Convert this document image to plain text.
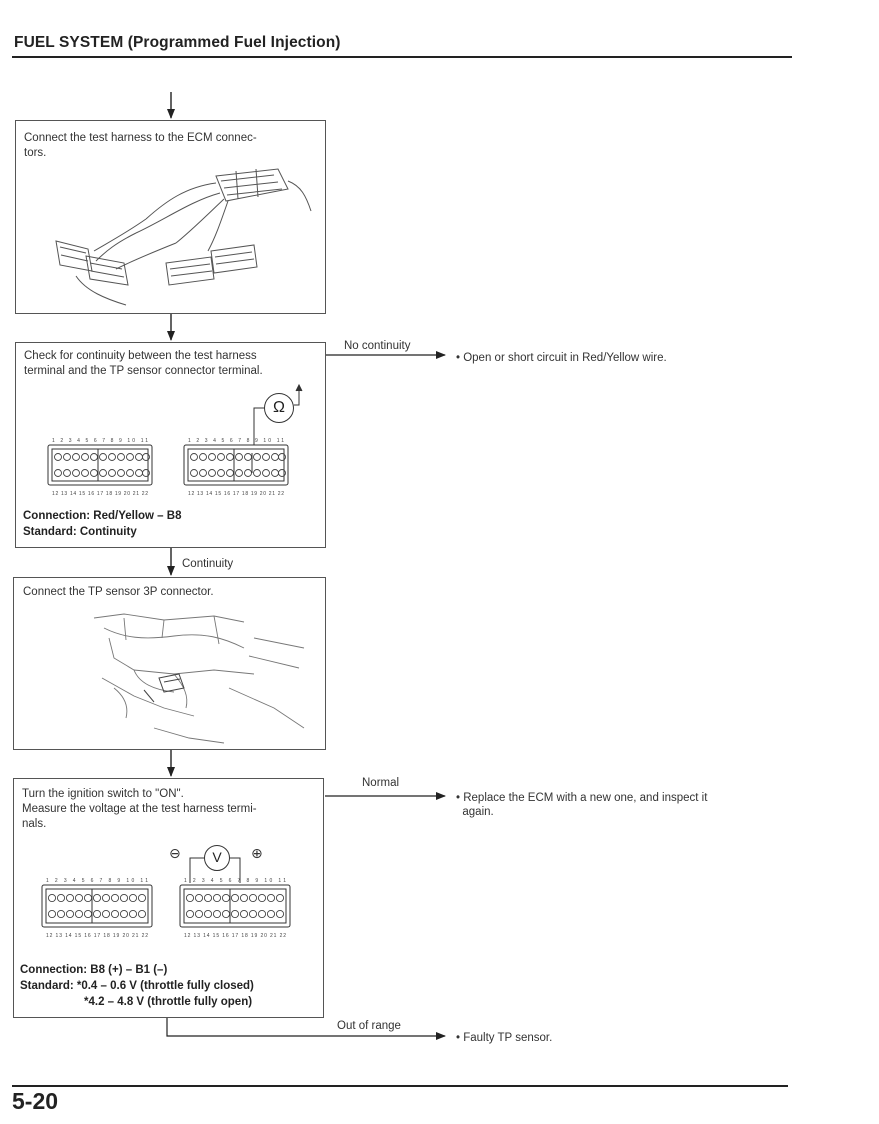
FUEL SYSTEM (Programmed Fuel Injection)
Connect the test harness to the ECM connec-
tors.
Check for continuity between the test harness
terminal and the TP sensor connector terminal.
Ω
1 2 3 4 5 6 7 8 9 10 11
12 13 14 15 16 17 18 19 20 21 22
1 2 3 4 5 6 7 8 9 10 11
12 13 14 15 16 17 18 19 20 21 22
Connection: Red/Yellow – B8
Standard: Continuity
No continuity
• Open or short circuit in Red/Yellow wire.
Continuity
Connect the TP sensor 3P connector.
Turn the ignition switch to "ON".
Measure the voltage at the test harness termi-
nals.
⊖	V	⊕
1 2 3 4 5 6 7 8 9 10 11
12 13 14 15 16 17 18 19 20 21 22
1 2 3 4 5 6 7 8 9 10 11
12 13 14 15 16 17 18 19 20 21 22
Connection: B8 (+) – B1 (–)
Standard: *0.4 – 0.6 V (throttle fully closed)
*4.2 – 4.8 V (throttle fully open)
Normal
• Replace the ECM with a new one, and inspect it
again.
Out of range
• Faulty TP sensor.
5-20
